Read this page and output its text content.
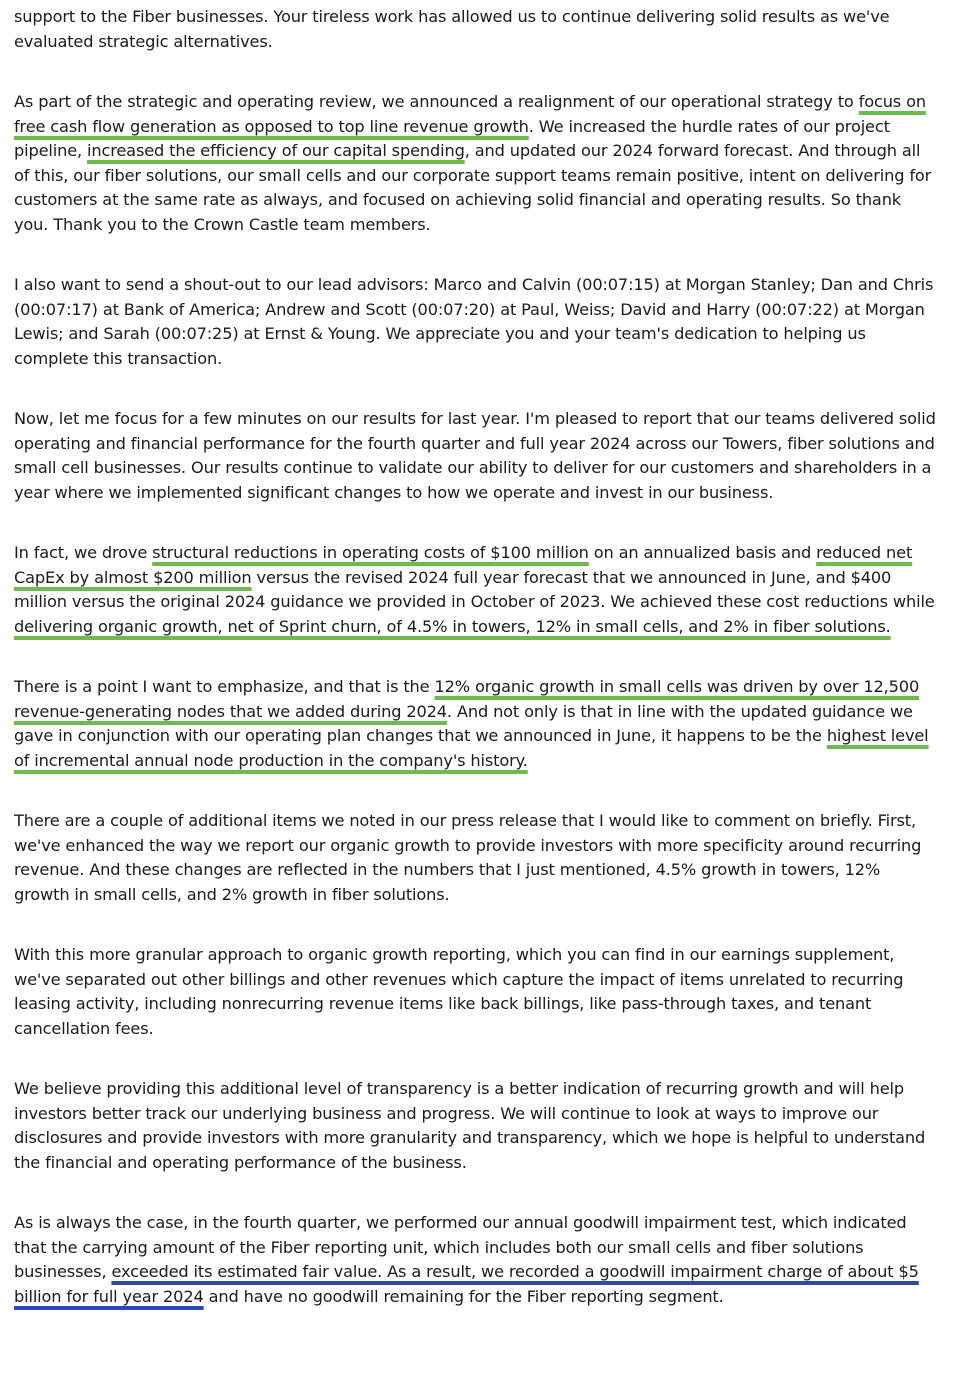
support to the Fiber businesses. Your tireless work has allowed us to continue delivering solid results as we've evaluated strategic alternatives.

As part of the strategic and operating review, we announced a realignment of our operational strategy to focus on free cash flow generation as opposed to top line revenue growth. We increased the hurdle rates of our project pipeline, increased the efficiency of our capital spending, and updated our 2024 forward forecast. And through all of this, our fiber solutions, our small cells and our corporate support teams remain positive, intent on delivering for customers at the same rate as always, and focused on achieving solid financial and operating results. So thank you. Thank you to the Crown Castle team members.

I also want to send a shout-out to our lead advisors: Marco and Calvin (00:07:15) at Morgan Stanley; Dan and Chris (00:07:17) at Bank of America; Andrew and Scott (00:07:20) at Paul, Weiss; David and Harry (00:07:22) at Morgan Lewis; and Sarah (00:07:25) at Ernst & Young. We appreciate you and your team's dedication to helping us complete this transaction.

Now, let me focus for a few minutes on our results for last year. I'm pleased to report that our teams delivered solid operating and financial performance for the fourth quarter and full year 2024 across our Towers, fiber solutions and small cell businesses. Our results continue to validate our ability to deliver for our customers and shareholders in a year where we implemented significant changes to how we operate and invest in our business.

In fact, we drove structural reductions in operating costs of $100 million on an annualized basis and reduced net CapEx by almost $200 million versus the revised 2024 full year forecast that we announced in June, and $400 million versus the original 2024 guidance we provided in October of 2023. We achieved these cost reductions while delivering organic growth, net of Sprint churn, of 4.5% in towers, 12% in small cells, and 2% in fiber solutions.

There is a point I want to emphasize, and that is the 12% organic growth in small cells was driven by over 12,500 revenue-generating nodes that we added during 2024. And not only is that in line with the updated guidance we gave in conjunction with our operating plan changes that we announced in June, it happens to be the highest level of incremental annual node production in the company's history.

There are a couple of additional items we noted in our press release that I would like to comment on briefly. First, we've enhanced the way we report our organic growth to provide investors with more specificity around recurring revenue. And these changes are reflected in the numbers that I just mentioned, 4.5% growth in towers, 12% growth in small cells, and 2% growth in fiber solutions.

With this more granular approach to organic growth reporting, which you can find in our earnings supplement, we've separated out other billings and other revenues which capture the impact of items unrelated to recurring leasing activity, including nonrecurring revenue items like back billings, like pass-through taxes, and tenant cancellation fees.

We believe providing this additional level of transparency is a better indication of recurring growth and will help investors better track our underlying business and progress. We will continue to look at ways to improve our disclosures and provide investors with more granularity and transparency, which we hope is helpful to understand the financial and operating performance of the business.

As is always the case, in the fourth quarter, we performed our annual goodwill impairment test, which indicated that the carrying amount of the Fiber reporting unit, which includes both our small cells and fiber solutions businesses, exceeded its estimated fair value. As a result, we recorded a goodwill impairment charge of about $5 billion for full year 2024 and have no goodwill remaining for the Fiber reporting segment.
